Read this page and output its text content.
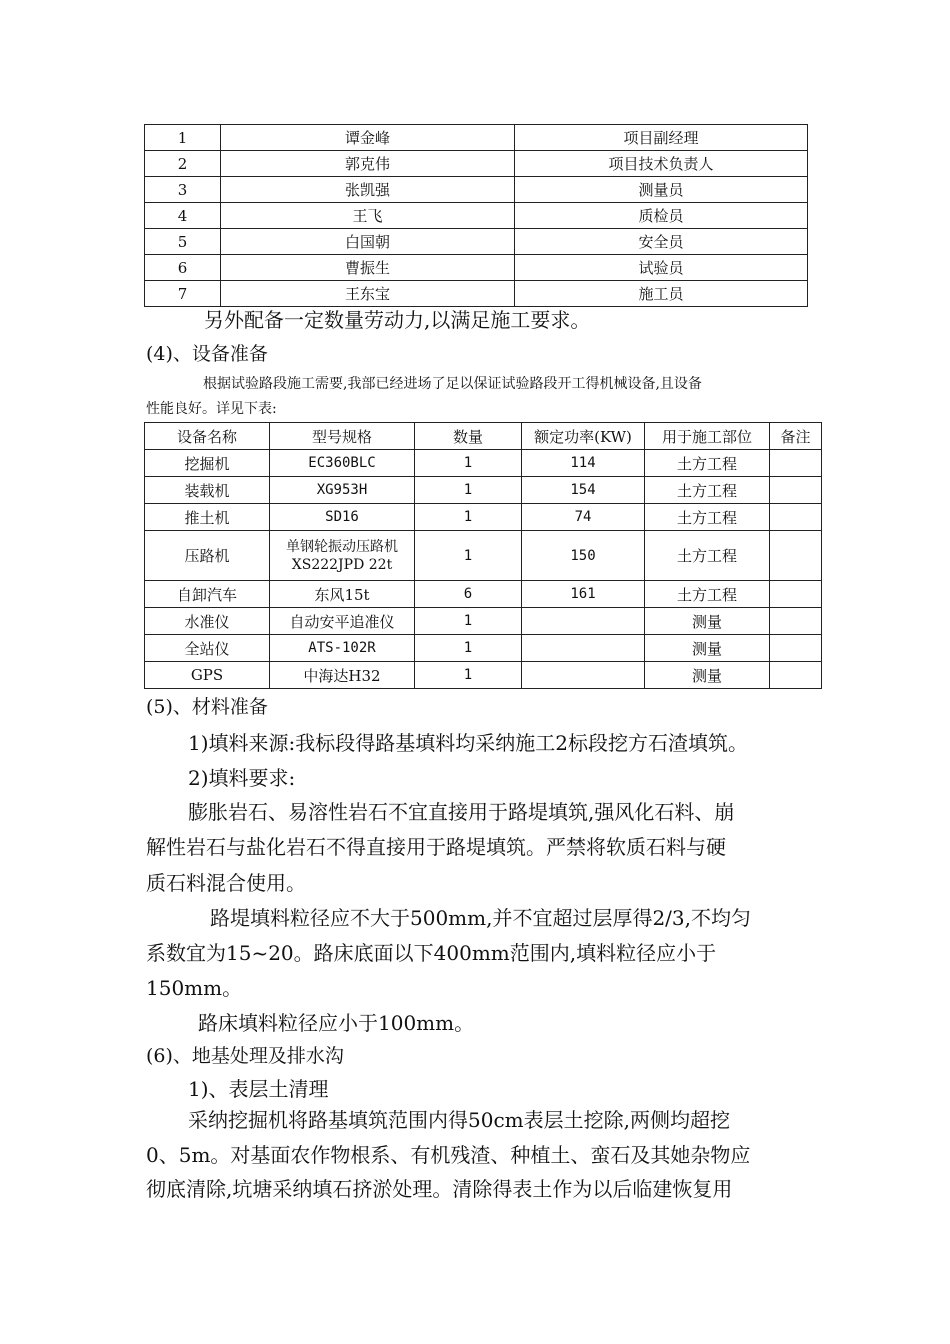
1	谭金峰	项目副经理
2	郭克伟	项目技术负责人
3	张凯强	测量员
4	王飞	质检员
5	白国朝	安全员
6	曹振生	试验员
7	王东宝	施工员
另外配备一定数量劳动力,以满足施工要求。
(4)、设备准备
根据试验路段施工需要,我部已经进场了足以保证试验路段开工得机械设备,且设备
性能良好。详见下表:
设备名称	型号规格	数量	额定功率(KW)	用于施工部位	备注
挖掘机	EC360BLC	1	114	土方工程	
装载机	XG953H	1	154	土方工程	
推土机	SD16	1	74	土方工程	
压路机	单钢轮振动压路机XS222JPD 22t	1	150	土方工程	
自卸汽车	东风15t	6	161	土方工程	
水准仪	自动安平追准仪	1		测量	
全站仪	ATS-102R	1		测量	
GPS	中海达H32	1		测量	
(5)、材料准备
1)填料来源:我标段得路基填料均采纳施工2标段挖方石渣填筑。
2)填料要求:
膨胀岩石、易溶性岩石不宜直接用于路堤填筑,强风化石料、崩
解性岩石与盐化岩石不得直接用于路堤填筑。严禁将软质石料与硬
质石料混合使用。
路堤填料粒径应不大于500mm,并不宜超过层厚得2/3,不均匀
系数宜为15~20。路床底面以下400mm范围内,填料粒径应小于
150mm。
路床填料粒径应小于100mm。
(6)、地基处理及排水沟
1)、表层土清理
采纳挖掘机将路基填筑范围内得50cm表层土挖除,两侧均超挖
0、5m。对基面农作物根系、有机残渣、种植土、蛮石及其她杂物应
彻底清除,坑塘采纳填石挤淤处理。清除得表土作为以后临建恢复用
